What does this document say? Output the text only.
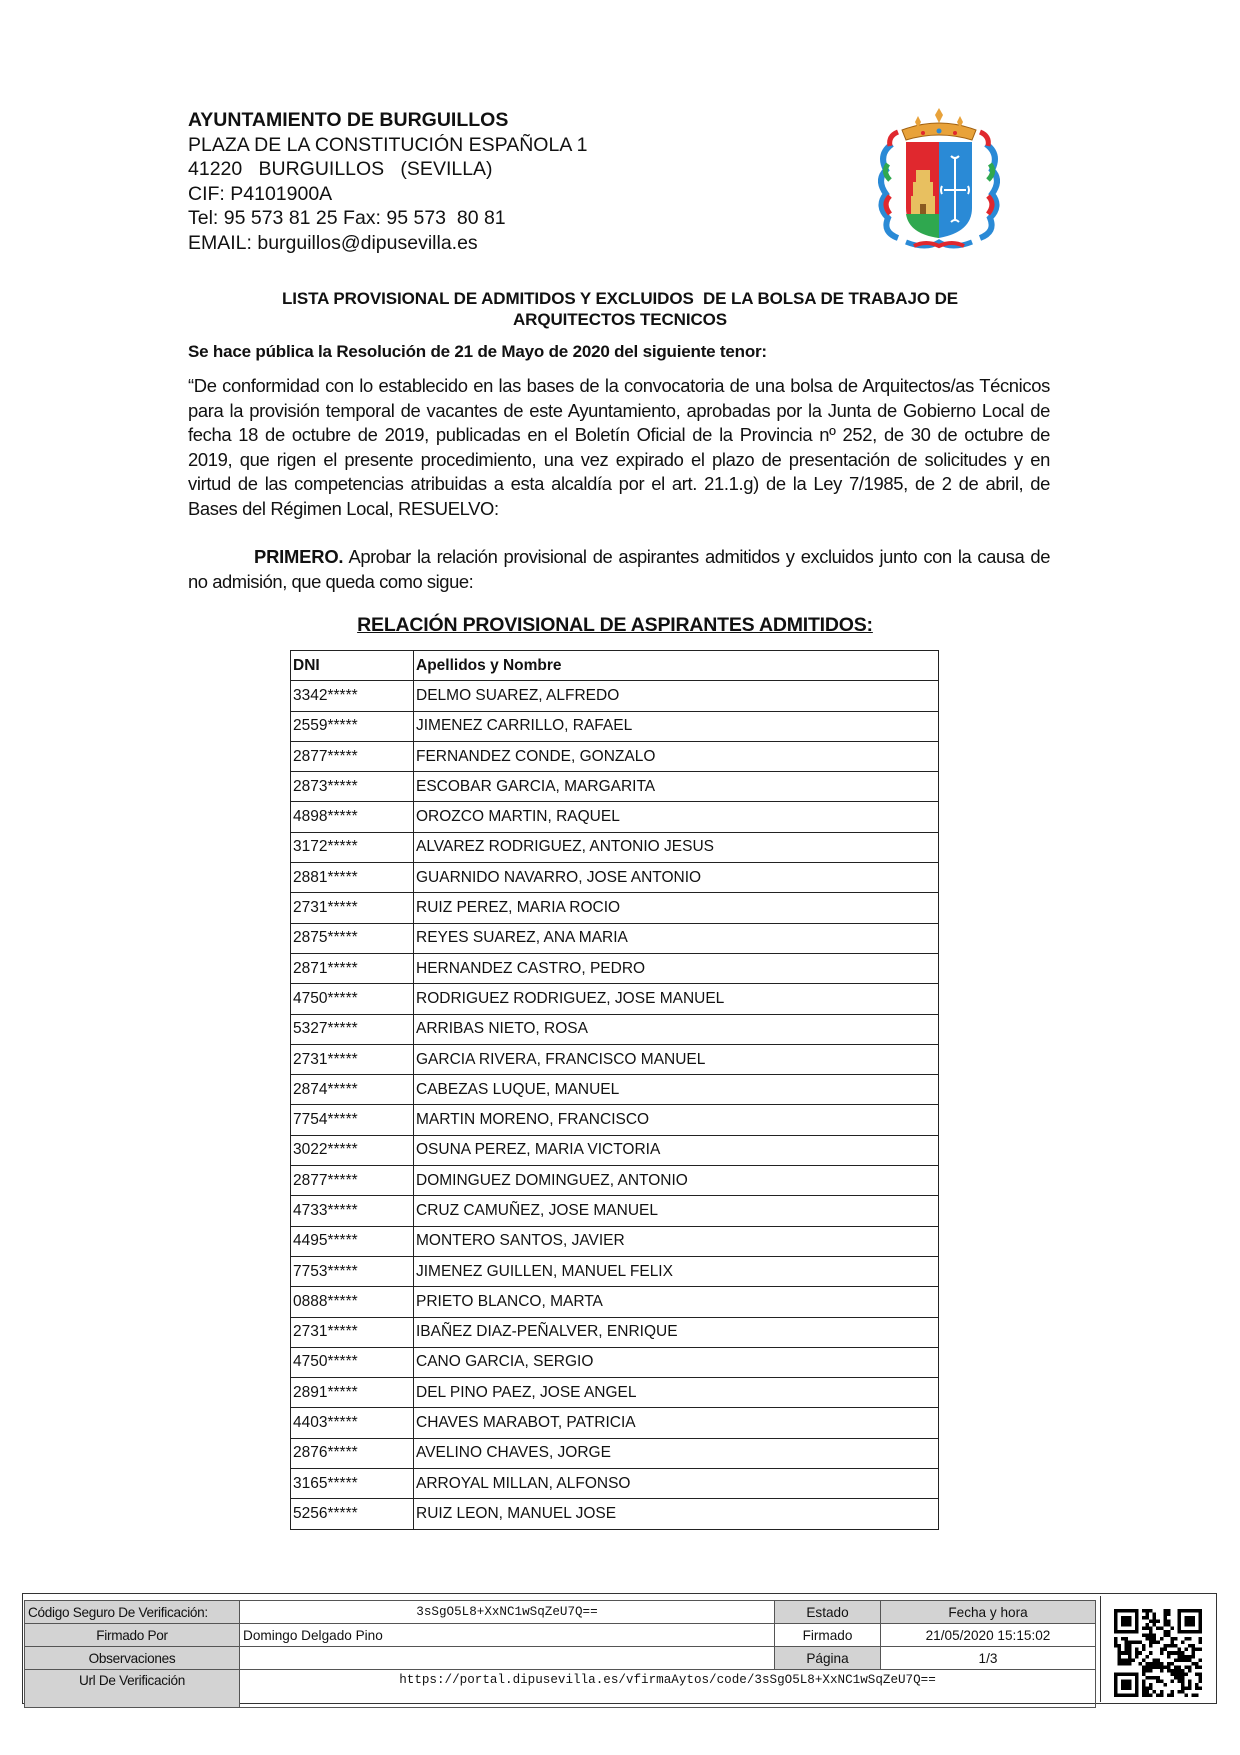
AYUNTAMIENTO DE BURGUILLOS
PLAZA DE LA CONSTITUCIÓN ESPAÑOLA 1
41220   BURGUILLOS   (SEVILLA)
CIF: P4101900A
Tel: 95 573 81 25 Fax: 95 573  80 81
EMAIL: burguillos@dipusevilla.es
LISTA PROVISIONAL DE ADMITIDOS Y EXCLUIDOS  DE LA BOLSA DE TRABAJO DE
ARQUITECTOS TECNICOS
Se hace pública la Resolución de 21 de Mayo de 2020 del siguiente tenor:
“De conformidad con lo establecido en las bases de la convocatoria de una bolsa de Arquitectos/as Técnicos para la provisión temporal de vacantes de este Ayuntamiento, aprobadas por la Junta de Gobierno Local de fecha 18 de octubre de 2019, publicadas en el Boletín Oficial de la Provincia nº 252, de 30 de octubre de 2019, que rigen el presente procedimiento, una vez expirado el plazo de presentación de solicitudes y en virtud de las competencias atribuidas a esta alcaldía por el art. 21.1.g) de la Ley 7/1985, de 2 de abril, de Bases del Régimen Local, RESUELVO:
PRIMERO. Aprobar la relación provisional de aspirantes admitidos y excluidos junto con la causa de no admisión, que queda como sigue:
RELACIÓN PROVISIONAL DE ASPIRANTES ADMITIDOS:
DNI	Apellidos y Nombre
3342*****	DELMO SUAREZ, ALFREDO
2559*****	JIMENEZ CARRILLO, RAFAEL
2877*****	FERNANDEZ CONDE, GONZALO
2873*****	ESCOBAR GARCIA, MARGARITA
4898*****	OROZCO MARTIN, RAQUEL
3172*****	ALVAREZ RODRIGUEZ, ANTONIO JESUS
2881*****	GUARNIDO NAVARRO, JOSE ANTONIO
2731*****	RUIZ PEREZ, MARIA ROCIO
2875*****	REYES SUAREZ, ANA MARIA
2871*****	HERNANDEZ CASTRO, PEDRO
4750*****	RODRIGUEZ RODRIGUEZ, JOSE MANUEL
5327*****	ARRIBAS NIETO, ROSA
2731*****	GARCIA RIVERA, FRANCISCO MANUEL
2874*****	CABEZAS LUQUE, MANUEL
7754*****	MARTIN MORENO, FRANCISCO
3022*****	OSUNA PEREZ, MARIA VICTORIA
2877*****	DOMINGUEZ DOMINGUEZ, ANTONIO
4733*****	CRUZ CAMUÑEZ, JOSE MANUEL
4495*****	MONTERO SANTOS, JAVIER
7753*****	JIMENEZ GUILLEN, MANUEL FELIX
0888*****	PRIETO BLANCO, MARTA
2731*****	IBAÑEZ DIAZ-PEÑALVER, ENRIQUE
4750*****	CANO GARCIA, SERGIO
2891*****	DEL PINO PAEZ, JOSE ANGEL
4403*****	CHAVES MARABOT, PATRICIA
2876*****	AVELINO CHAVES, JORGE
3165*****	ARROYAL MILLAN, ALFONSO
5256*****	RUIZ LEON, MANUEL JOSE
Código Seguro De Verificación:	3sSgO5L8+XxNC1wSqZeU7Q==	Estado	Fecha y hora
Firmado Por	Domingo Delgado Pino	Firmado	21/05/2020 15:15:02
Observaciones		Página	1/3
Url De Verificación	https://portal.dipusevilla.es/vfirmaAytos/code/3sSgO5L8+XxNC1wSqZeU7Q==		
